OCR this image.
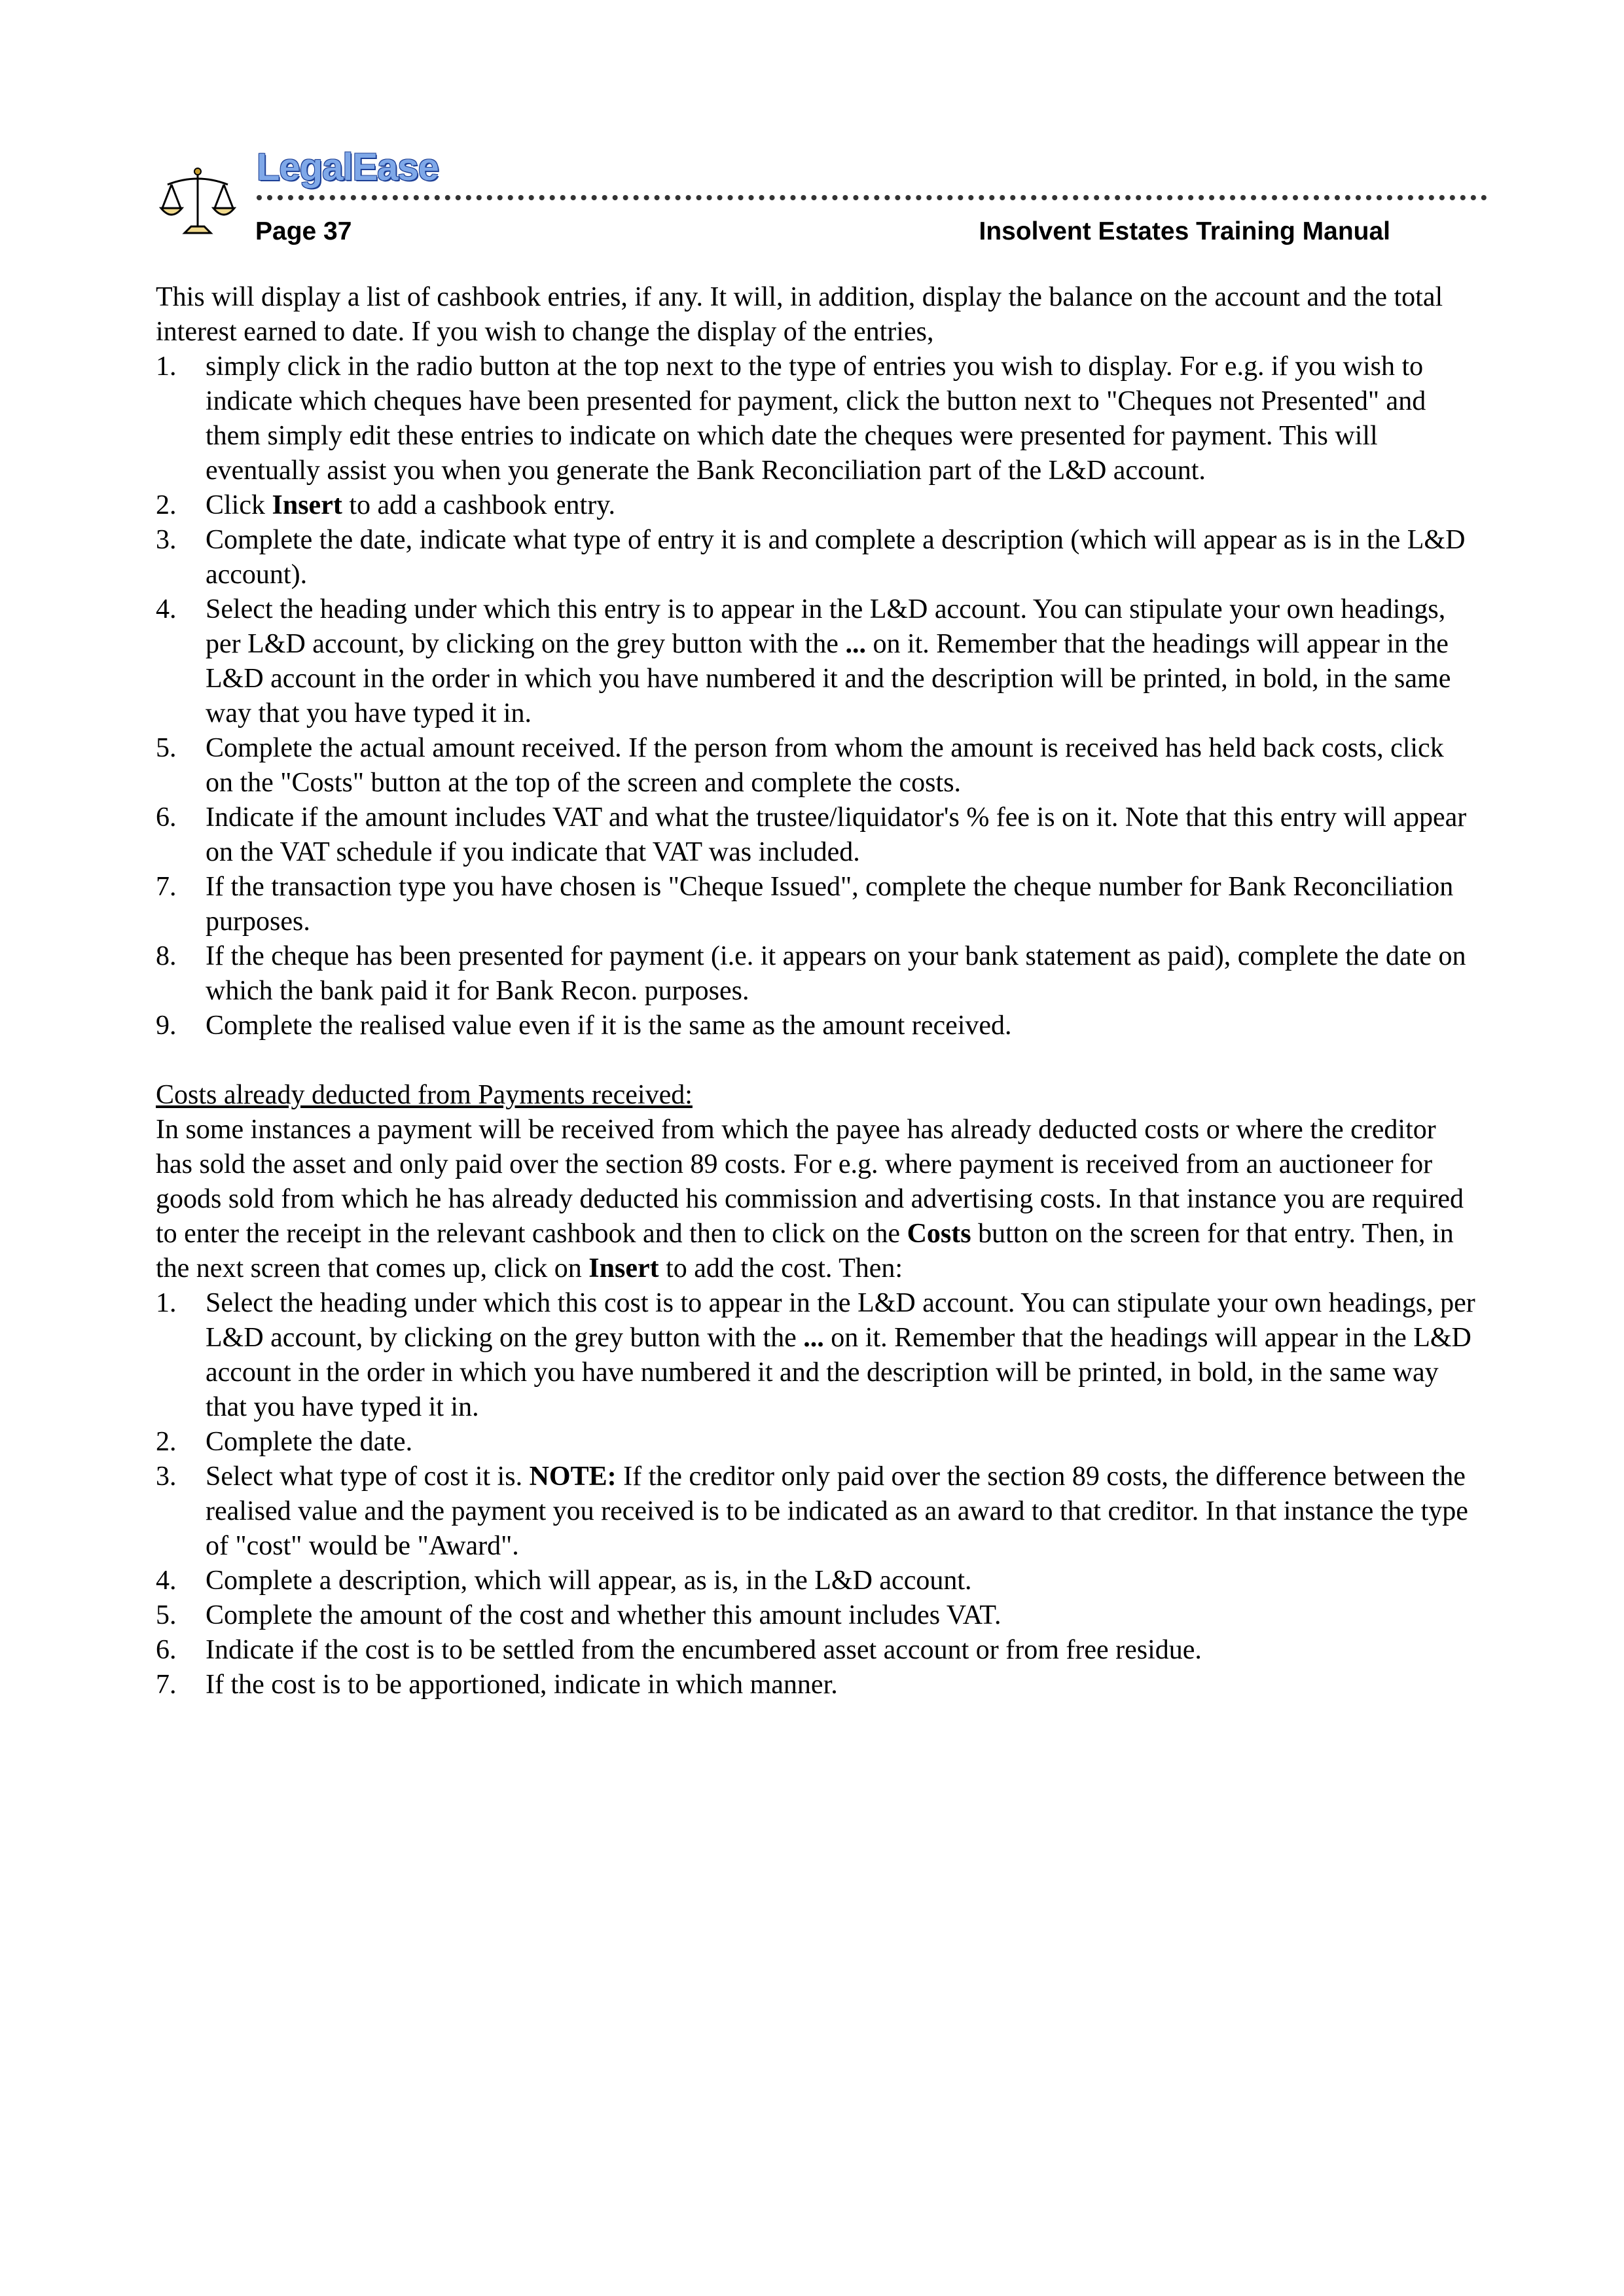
LegalEase
Page 37	Insolvent Estates Training Manual

This will display a list of cashbook entries, if any. It will, in addition, display the balance on the account and the total interest earned to date. If you wish to change the display of the entries,

1. simply click in the radio button at the top next to the type of entries you wish to display. For e.g. if you wish to indicate which cheques have been presented for payment, click the button next to "Cheques not Presented" and them simply edit these entries to indicate on which date the cheques were presented for payment. This will eventually assist you when you generate the Bank Reconciliation part of the L&D account.
2. Click Insert to add a cashbook entry.
3. Complete the date, indicate what type of entry it is and complete a description (which will appear as is in the L&D account).
4. Select the heading under which this entry is to appear in the L&D account. You can stipulate your own headings, per L&D account, by clicking on the grey button with the ... on it. Remember that the headings will appear in the L&D account in the order in which you have numbered it and the description will be printed, in bold, in the same way that you have typed it in.
5. Complete the actual amount received. If the person from whom the amount is received has held back costs, click on the "Costs" button at the top of the screen and complete the costs.
6. Indicate if the amount includes VAT and what the trustee/liquidator's % fee is on it. Note that this entry will appear on the VAT schedule if you indicate that VAT was included.
7. If the transaction type you have chosen is "Cheque Issued", complete the cheque number for Bank Reconciliation purposes.
8. If the cheque has been presented for payment (i.e. it appears on your bank statement as paid), complete the date on which the bank paid it for Bank Recon. purposes.
9. Complete the realised value even if it is the same as the amount received.

Costs already deducted from Payments received:

In some instances a payment will be received from which the payee has already deducted costs or where the creditor has sold the asset and only paid over the section 89 costs. For e.g. where payment is received from an auctioneer for goods sold from which he has already deducted his commission and advertising costs. In that instance you are required to enter the receipt in the relevant cashbook and then to click on the Costs button on the screen for that entry. Then, in the next screen that comes up, click on Insert to add the cost. Then:

1. Select the heading under which this cost is to appear in the L&D account. You can stipulate your own headings, per L&D account, by clicking on the grey button with the ... on it. Remember that the headings will appear in the L&D account in the order in which you have numbered it and the description will be printed, in bold, in the same way that you have typed it in.
2. Complete the date.
3. Select what type of cost it is. NOTE: If the creditor only paid over the section 89 costs, the difference between the realised value and the payment you received is to be indicated as an award to that creditor. In that instance the type of "cost" would be "Award".
4. Complete a description, which will appear, as is, in the L&D account.
5. Complete the amount of the cost and whether this amount includes VAT.
6. Indicate if the cost is to be settled from the encumbered asset account or from free residue.
7. If the cost is to be apportioned, indicate in which manner.
